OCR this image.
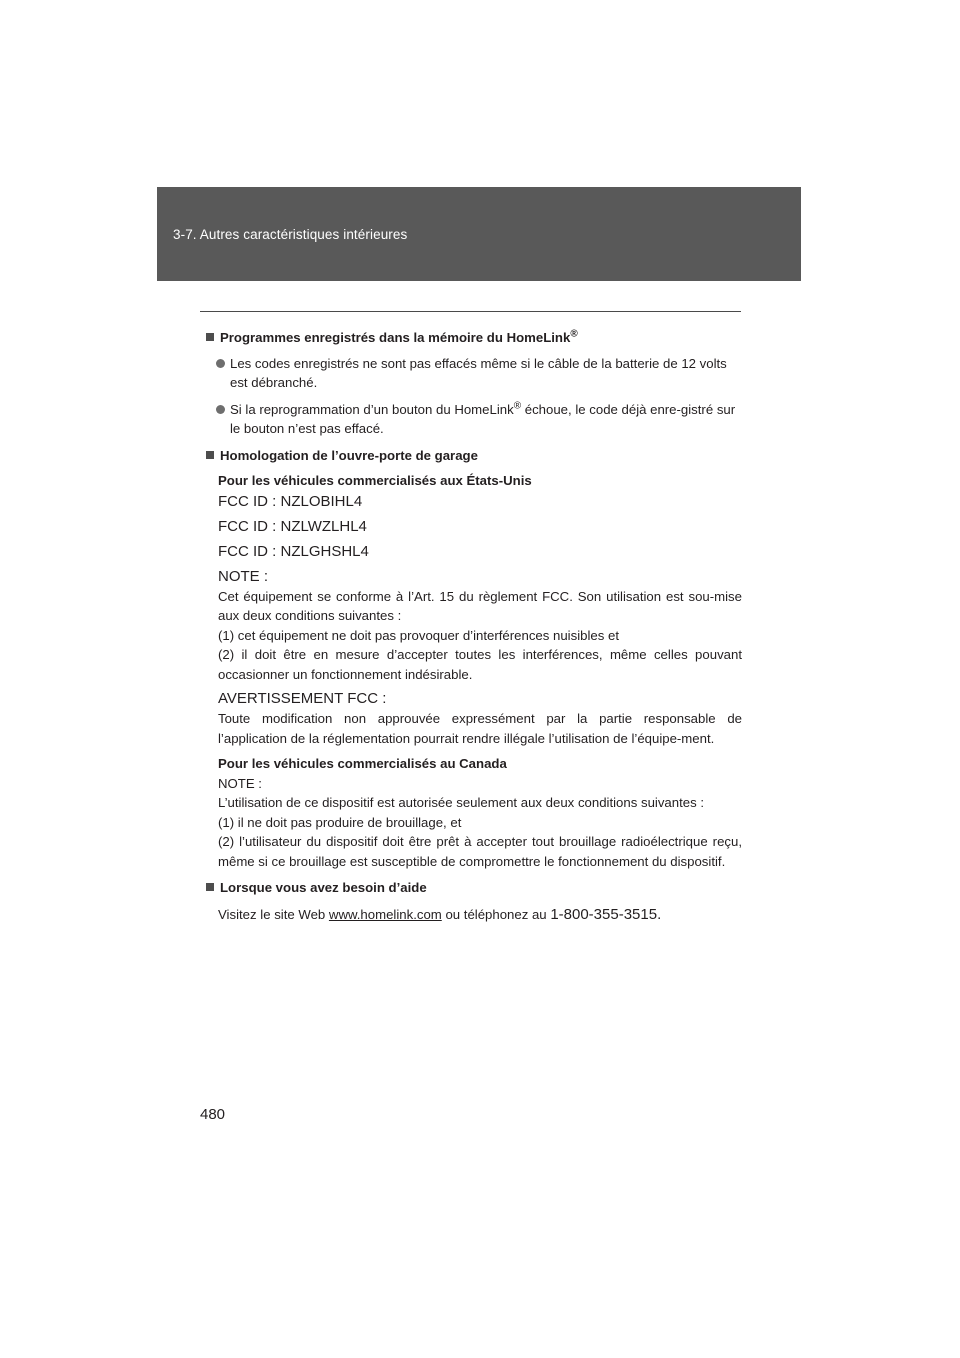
3-7. Autres caractéristiques intérieures
Programmes enregistrés dans la mémoire du HomeLink®
Les codes enregistrés ne sont pas effacés même si le câble de la batterie de 12 volts est débranché.
Si la reprogrammation d’un bouton du HomeLink® échoue, le code déjà enre-gistré sur le bouton n’est pas effacé.
Homologation de l’ouvre-porte de garage
Pour les véhicules commercialisés aux États-Unis
FCC ID : NZLOBIHL4
FCC ID : NZLWZLHL4
FCC ID : NZLGHSHL4
NOTE :
Cet équipement se conforme à l’Art. 15 du règlement FCC. Son utilisation est sou-mise aux deux conditions suivantes :
(1) cet équipement ne doit pas provoquer d’interférences nuisibles et
(2) il doit être en mesure d’accepter toutes les interférences, même celles pouvant occasionner un fonctionnement indésirable.
AVERTISSEMENT FCC :
Toute modification non approuvée expressément par la partie responsable de l’application de la réglementation pourrait rendre illégale l’utilisation de l’équipe-ment.
Pour les véhicules commercialisés au Canada
NOTE :
L’utilisation de ce dispositif est autorisée seulement aux deux conditions suivantes :
(1) il ne doit pas produire de brouillage, et
(2) l’utilisateur du dispositif doit être prêt à accepter tout brouillage radioélectrique reçu, même si ce brouillage est susceptible de compromettre le fonctionnement du dispositif.
Lorsque vous avez besoin d’aide
Visitez le site Web www.homelink.com ou téléphonez au 1-800-355-3515.
480
